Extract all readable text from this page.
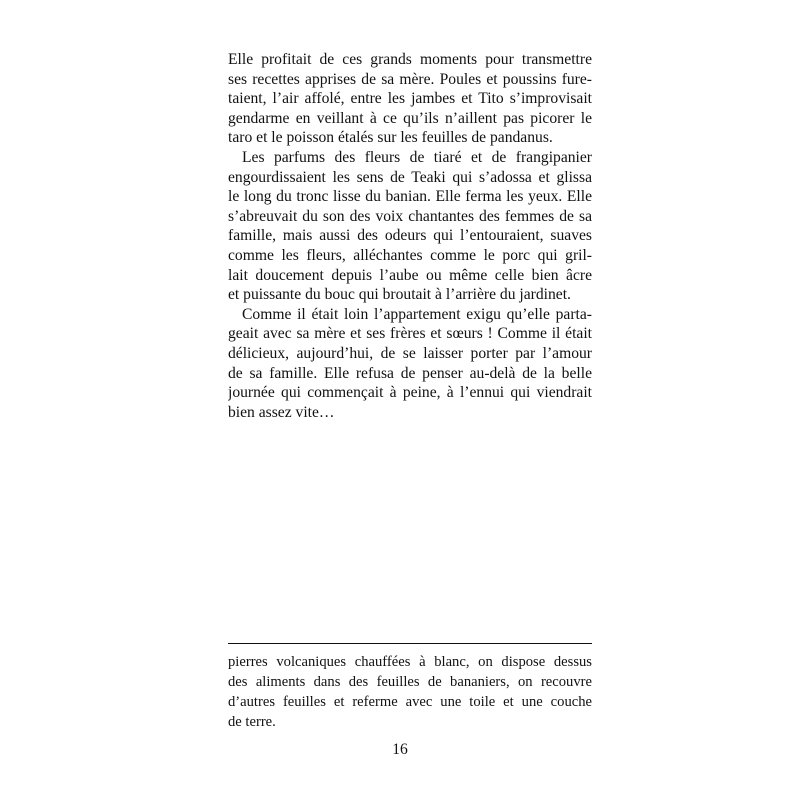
Elle profitait de ces grands moments pour transmettre
ses recettes apprises de sa mère. Poules et poussins fure-
taient, l’air affolé, entre les jambes et Tito s’improvisait
gendarme en veillant à ce qu’ils n’aillent pas picorer le
taro et le poisson étalés sur les feuilles de pandanus.
Les parfums des fleurs de tiaré et de frangipanier
engourdissaient les sens de Teaki qui s’adossa et glissa
le long du tronc lisse du banian. Elle ferma les yeux. Elle
s’abreuvait du son des voix chantantes des femmes de sa
famille, mais aussi des odeurs qui l’entouraient, suaves
comme les fleurs, alléchantes comme le porc qui gril-
lait doucement depuis l’aube ou même celle bien âcre
et puissante du bouc qui broutait à l’arrière du jardinet.
Comme il était loin l’appartement exigu qu’elle parta-
geait avec sa mère et ses frères et sœurs ! Comme il était
délicieux, aujourd’hui, de se laisser porter par l’amour
de sa famille. Elle refusa de penser au-delà de la belle
journée qui commençait à peine, à l’ennui qui viendrait
bien assez vite…
pierres volcaniques chauffées à blanc, on dispose dessus
des aliments dans des feuilles de bananiers, on recouvre
d’autres feuilles et referme avec une toile et une couche
de terre.
16
